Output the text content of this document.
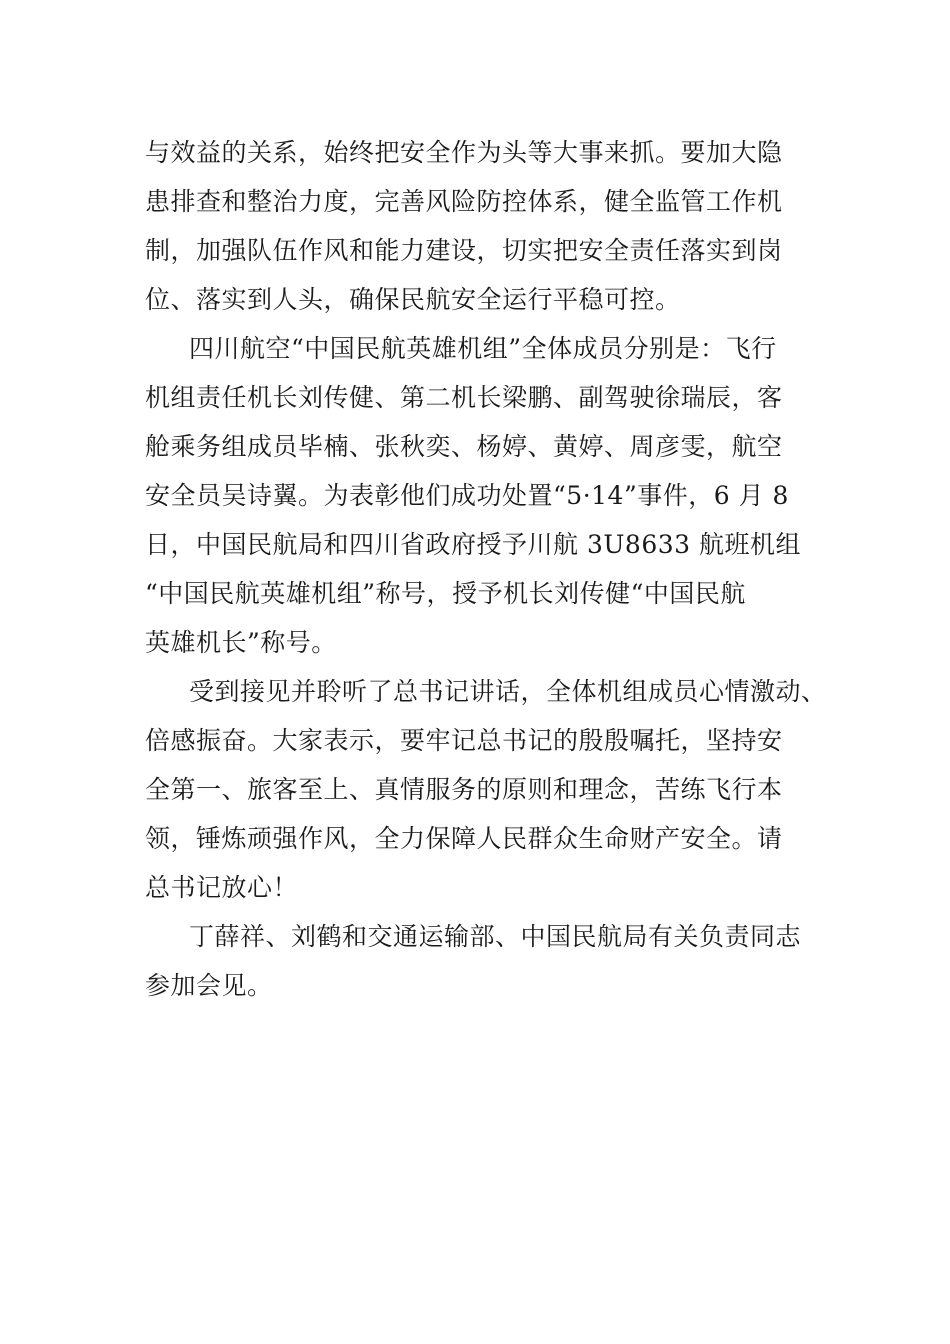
与效益的关系，始终把安全作为头等大事来抓。要加大隐
患排查和整治力度，完善风险防控体系，健全监管工作机
制，加强队伍作风和能力建设，切实把安全责任落实到岗
位、落实到人头，确保民航安全运行平稳可控。
四川航空“中国民航英雄机组”全体成员分别是：飞行
机组责任机长刘传健、第二机长梁鹏、副驾驶徐瑞辰，客
舱乘务组成员毕楠、张秋奕、杨婷、黄婷、周彦雯，航空
安全员吴诗翼。为表彰他们成功处置“5·14”事件，6 月 8
日，中国民航局和四川省政府授予川航 3U8633 航班机组
“中国民航英雄机组”称号，授予机长刘传健“中国民航
英雄机长”称号。
受到接见并聆听了总书记讲话，全体机组成员心情激动、
倍感振奋。大家表示，要牢记总书记的殷殷嘱托，坚持安
全第一、旅客至上、真情服务的原则和理念，苦练飞行本
领，锤炼顽强作风，全力保障人民群众生命财产安全。请
总书记放心！
丁薛祥、刘鹤和交通运输部、中国民航局有关负责同志
参加会见。
